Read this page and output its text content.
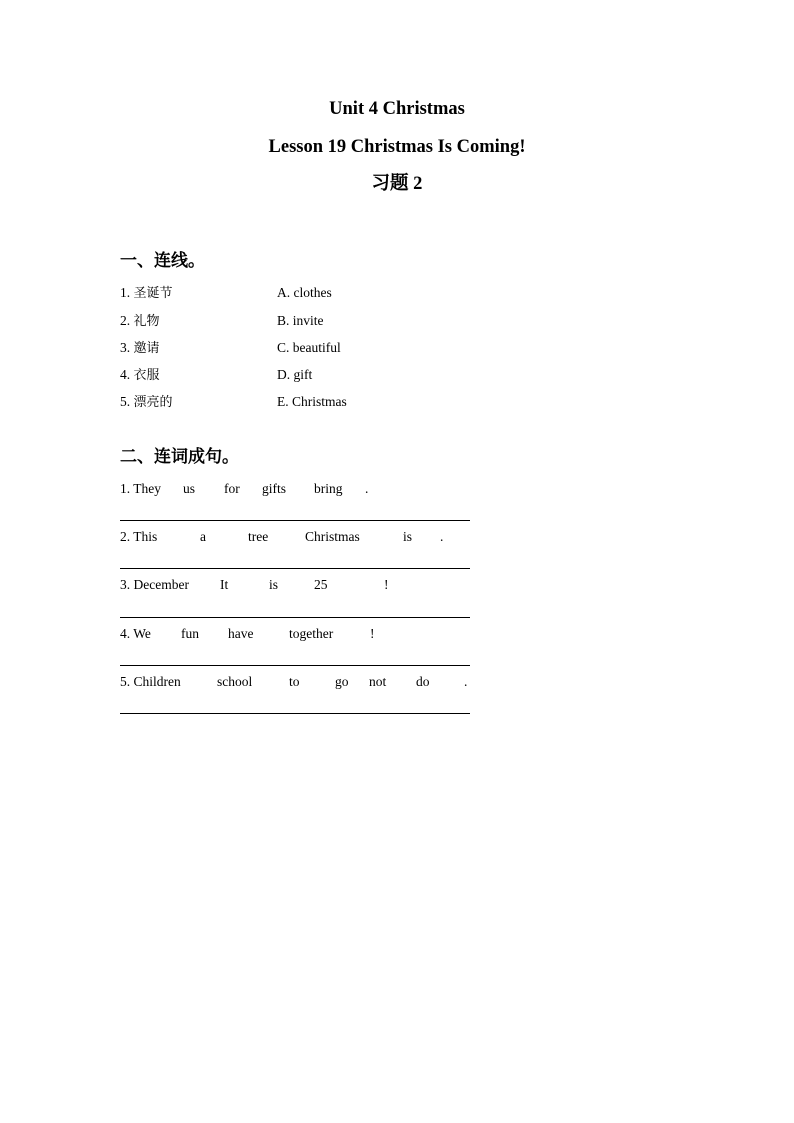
Unit 4 Christmas
Lesson 19 Christmas Is Coming!
习题 2
一、连线。
1. 圣诞节	A. clothes
2. 礼物	B. invite
3. 邀请	C. beautiful
4. 衣服	D. gift
5. 漂亮的	E. Christmas
二、连词成句。
1. They us for gifts bring .
2. This	a	tree	Christmas	is .
3. December It	is	25	!
4. We fun have	together	!
5. Children	school	to	go not do	.
